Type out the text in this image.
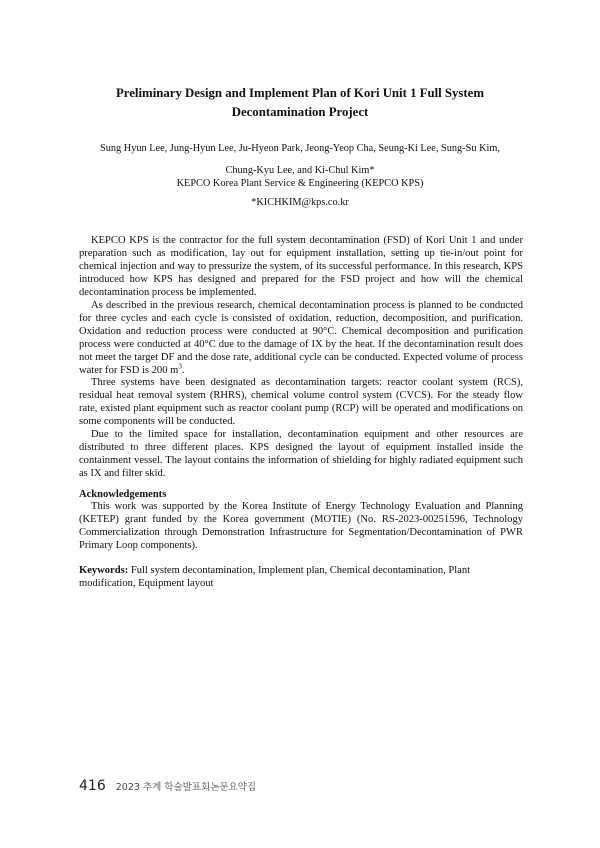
Preliminary Design and Implement Plan of Kori Unit 1 Full System
Decontamination Project
Sung Hyun Lee, Jung-Hyun Lee, Ju-Hyeon Park, Jeong-Yeop Cha, Seung-Ki Lee, Sung-Su Kim,
Chung-Kyu Lee, and Ki-Chul Kim*
KEPCO Korea Plant Service & Engineering (KEPCO KPS)
*KICHKIM@kps.co.kr

KEPCO KPS is the contractor for the full system decontamination (FSD) of Kori Unit 1 and under preparation such as modification, lay out for equipment installation, setting up tie-in/out point for chemical injection and way to pressurize the system, of its successful performance. In this research, KPS introduced how KPS has designed and prepared for the FSD project and how will the chemical decontamination process be implemented.

As described in the previous research, chemical decontamination process is planned to be conducted for three cycles and each cycle is consisted of oxidation, reduction, decomposition, and purification. Oxidation and reduction process were conducted at 90°C. Chemical decomposition and purification process were conducted at 40°C due to the damage of IX by the heat. If the decontamination result does not meet the target DF and the dose rate, additional cycle can be conducted. Expected volume of process water for FSD is 200 $m^3$.

Three systems have been designated as decontamination targets: reactor coolant system (RCS), residual heat removal system (RHRS), chemical volume control system (CVCS). For the steady flow rate, existed plant equipment such as reactor coolant pump (RCP) will be operated and modifications on some components will be conducted.

Due to the limited space for installation, decontamination equipment and other resources are distributed to three different places. KPS designed the layout of equipment installed inside the containment vessel. The layout contains the information of shielding for highly radiated equipment such as IX and filter skid.

Acknowledgements
This work was supported by the Korea Institute of Energy Technology Evaluation and Planning (KETEP) grant funded by the Korea government (MOTIE) (No. RS-2023-00251596, Technology Commercialization through Demonstration Infrastructure for Segmentation/Decontamination of PWR Primary Loop components).
Keywords: Full system decontamination, Implement plan, Chemical decontamination, Plant modification, Equipment layout
416 2023 추계 학술발표회논문요약집
